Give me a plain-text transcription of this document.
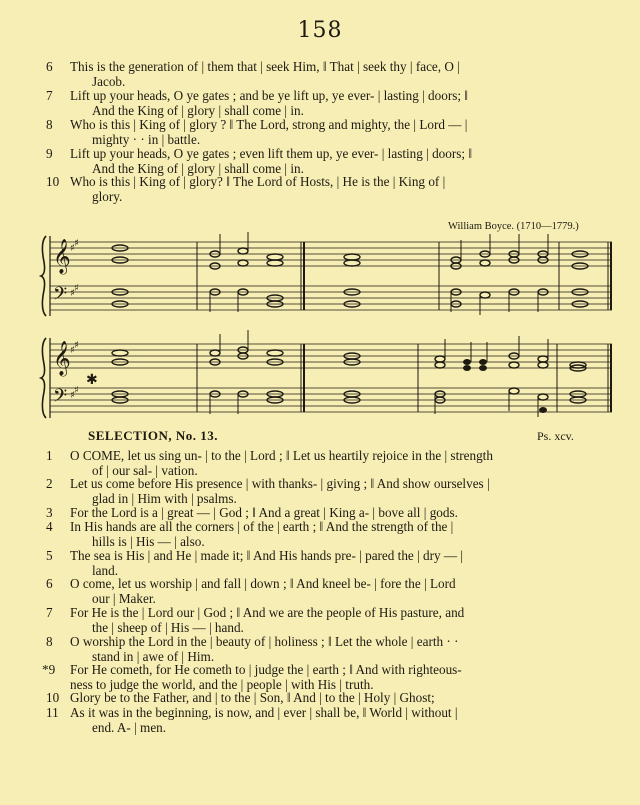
158
6	This is the generation of | them that | seek Him, ‖ That | seek thy | face, O |
Jacob.
7	Lift up your heads, O ye gates ; and be ye lift up, ye ever- | lasting | doors; ‖
And the King of | glory | shall come | in.
8	Who is this | King of | glory ? ‖ The Lord, strong and mighty, the | Lord — |
mighty · · in | battle.
9	Lift up your heads, O ye gates ; even lift them up, ye ever- | lasting | doors; ‖
And the King of | glory | shall come | in.
10 Who is this | King of | glory? ‖ The Lord of Hosts, | He is the | King of |
glory.
William Boyce. (1710—1779.)
𝄞
𝄢
𝄞
𝄢
♯ ♯
♯ ♯
♯ ♯
♯ ♯
✱
SELECTION, No. 13.	Ps. xcv.
1	O COME, let us sing un- | to the | Lord ; ‖ Let us heartily rejoice in the | strength
of | our sal- | vation.
2	Let us come before His presence | with thanks- | giving ; ‖ And show ourselves |
glad in | Him with | psalms.
3	For the Lord is a | great — | God ; ‖ And a great | King a- | bove all | gods.
4	In His hands are all the corners | of the | earth ; ‖ And the strength of the |
hills is | His — | also.
5	The sea is His | and He | made it; ‖ And His hands pre- | pared the | dry — |
land.
6	O come, let us worship | and fall | down ; ‖ And kneel be- | fore the | Lord
our | Maker.
7	For He is the | Lord our | God ; ‖ And we are the people of His pasture, and
the | sheep of | His — | hand.
8	O worship the Lord in the | beauty of | holiness ; ‖ Let the whole | earth · ·
stand in | awe of | Him.
*9	For He cometh, for He cometh to | judge the | earth ; ‖ And with righteous-
ness to judge the world, and the | people | with His | truth.
10 Glory be to the Father, and | to the | Son, ‖ And | to the | Holy | Ghost;
11 As it was in the beginning, is now, and | ever | shall be, ‖ World | without |
end. A- | men.
